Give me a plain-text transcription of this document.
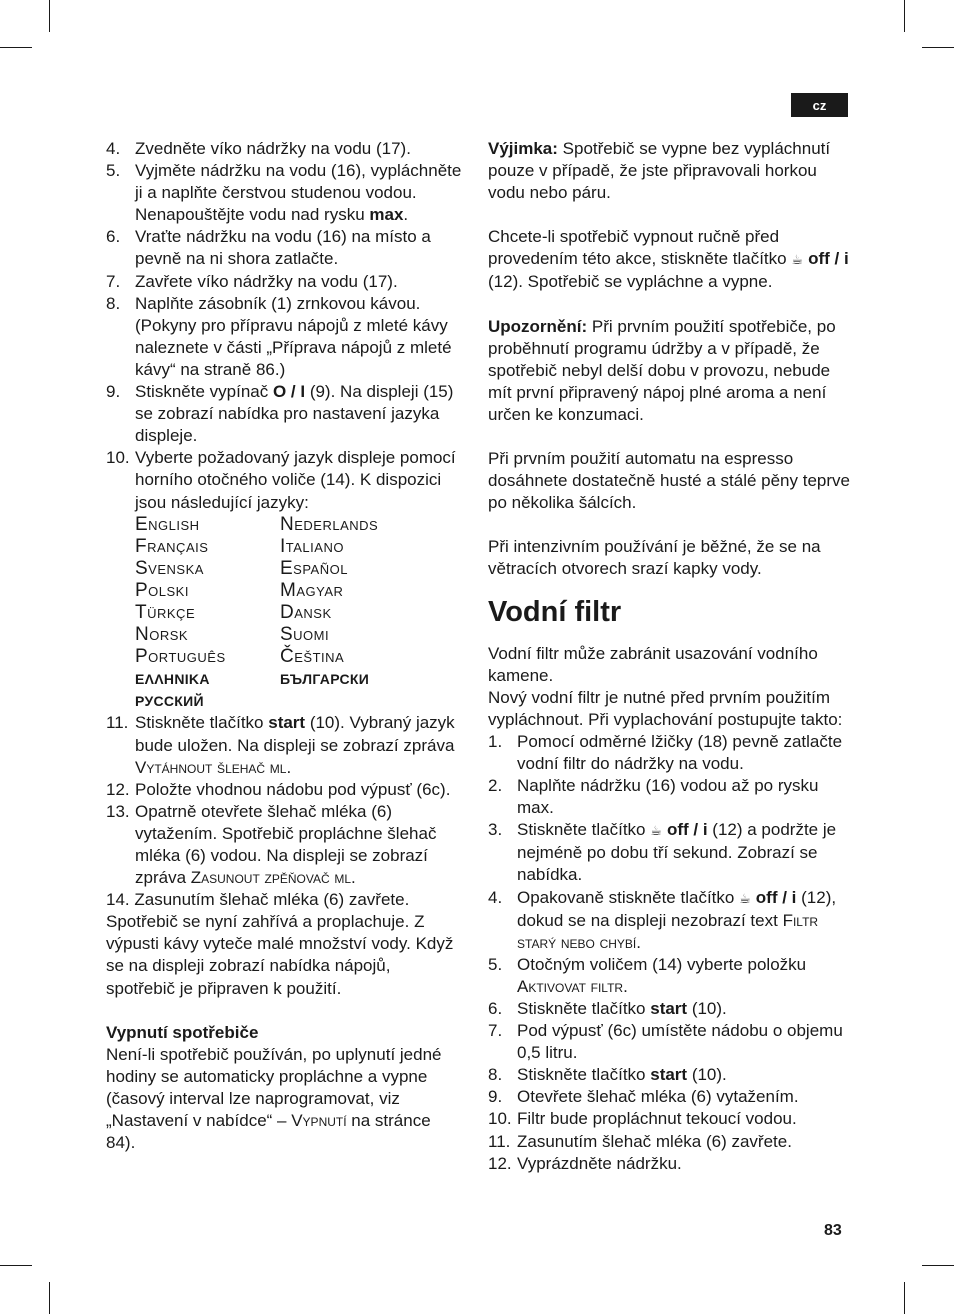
cz
4. Zvedněte víko nádržky na vodu (17).
5. Vyjměte nádržku na vodu (16), vypláchněte ji a naplňte čerstvou studenou vodou. Nenapouštějte vodu nad rysku max.
6. Vraťte nádržku na vodu (16) na místo a pevně na ni shora zatlačte.
7. Zavřete víko nádržky na vodu (17).
8. Naplňte zásobník (1) zrnkovou kávou. (Pokyny pro přípravu nápojů z mleté kávy naleznete v části „Příprava nápojů z mleté kávy“ na straně 86.)
9. Stiskněte vypínač O / I (9). Na displeji (15) se zobrazí nabídka pro nastavení jazyka displeje.
10. Vyberte požadovaný jazyk displeje pomocí horního otočného voliče (14). K dispozici jsou následující jazyky:
English	Nederlands
Français	Italiano
Svenska	Español
Polski	Magyar
Türkçe	Dansk
Norsk	Suomi
Português	Čeština
ΕΛΛΗΝΙΚΑ	БЪЛГАРСКИ
РУССКИЙ
11. Stiskněte tlačítko start (10). Vybraný jazyk bude uložen. Na displeji se zobrazí zpráva Vytáhnout šlehač ml.
12. Položte vhodnou nádobu pod výpusť (6c).
13. Opatrně otevřete šlehač mléka (6) vytažením. Spotřebič propláchne šlehač mléka (6) vodou. Na displeji se zobrazí zpráva Zasunout zpěňovač ml.

14. Zasunutím šlehač mléka (6) zavřete. Spotřebič se nyní zahřívá a proplachuje. Z výpusti kávy vyteče malé množství vody. Když se na displeji zobrazí nabídka nápojů, spotřebič je připraven k použití.

Vypnutí spotřebiče

Není-li spotřebič používán, po uplynutí jedné hodiny se automaticky propláchne a vypne (časový interval lze naprogramovat, viz „Nastavení v nabídce“ – Vypnutí na stránce 84).

Výjimka: Spotřebič se vypne bez vypláchnutí pouze v případě, že jste připravovali horkou vodu nebo páru.

Chcete-li spotřebič vypnout ručně před provedením této akce, stiskněte tlačítko ☕︎ off / i (12). Spotřebič se vypláchne a vypne.

Upozornění: Při prvním použití spotřebiče, po proběhnutí programu údržby a v případě, že spotřebič nebyl delší dobu v provozu, nebude mít první připravený nápoj plné aroma a není určen ke konzumaci.

Při prvním použití automatu na espresso dosáhnete dostatečně husté a stálé pěny teprve po několika šálcích.

Při intenzivním používání je běžné, že se na větracích otvorech srazí kapky vody.

Vodní filtr

Vodní filtr může zabránit usazování vodního kamene.

Nový vodní filtr je nutné před prvním použitím vypláchnout. Při vyplachování postupujte takto:

1. Pomocí odměrné lžičky (18) pevně zatlačte vodní filtr do nádržky na vodu.
2. Naplňte nádržku (16) vodou až po rysku max.
3. Stiskněte tlačítko ☕︎ off / i (12) a podržte je nejméně po dobu tří sekund. Zobrazí se nabídka.
4. Opakovaně stiskněte tlačítko ☕︎ off / i (12), dokud se na displeji nezobrazí text Filtr starý nebo chybí.
5. Otočným voličem (14) vyberte položku Aktivovat filtr.
6. Stiskněte tlačítko start (10).
7. Pod výpusť (6c) umístěte nádobu o objemu 0,5 litru.
8. Stiskněte tlačítko start (10).
9. Otevřete šlehač mléka (6) vytažením.
10. Filtr bude propláchnut tekoucí vodou.
11. Zasunutím šlehač mléka (6) zavřete.
12. Vyprázdněte nádržku.
83
